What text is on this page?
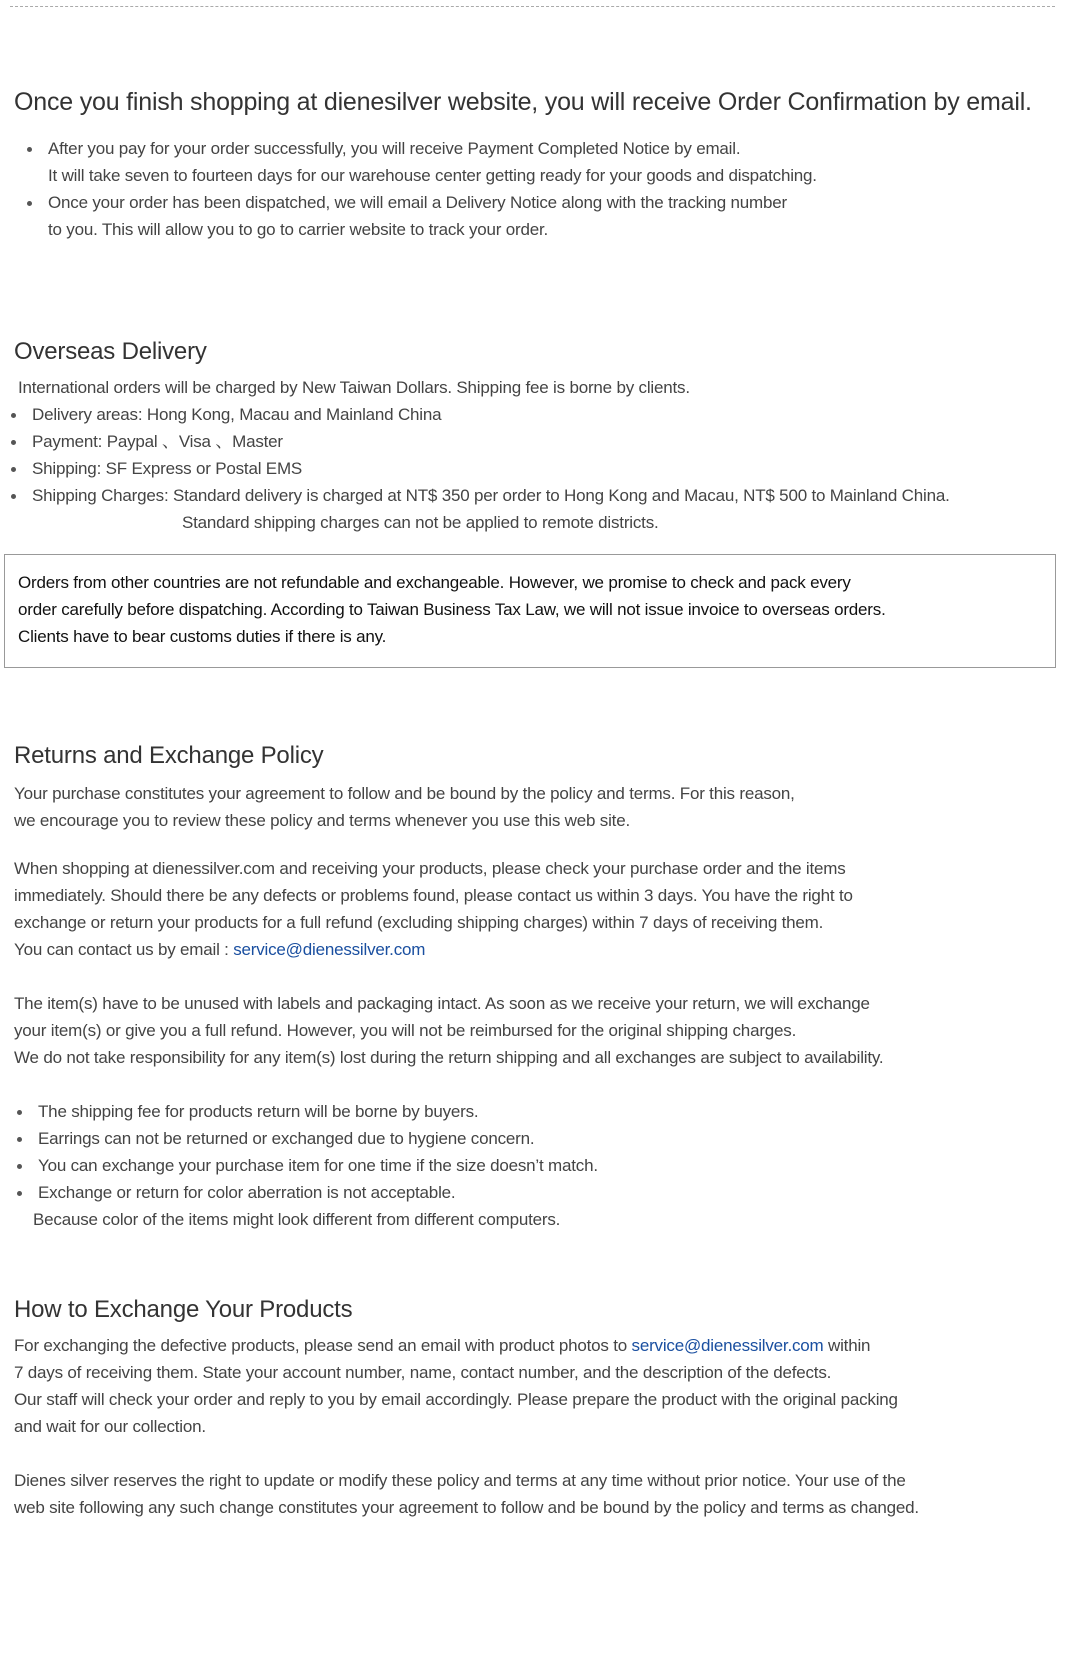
Once you finish shopping at dienesilver website, you will receive Order Confirmation by email.
After you pay for your order successfully, you will receive Payment Completed Notice by email.
It will take seven to fourteen days for our warehouse center getting ready for your goods and dispatching.
Once your order has been dispatched, we will email a Delivery Notice along with the tracking number
to you. This will allow you to go to carrier website to track your order.
Overseas Delivery
International orders will be charged by New Taiwan Dollars. Shipping fee is borne by clients.
Delivery areas: Hong Kong, Macau and Mainland China
Payment: Paypal 、Visa 、Master
Shipping: SF Express or Postal EMS
Shipping Charges: Standard delivery is charged at NT$ 350 per order to Hong Kong and Macau, NT$ 500 to Mainland China.
Standard shipping charges can not be applied to remote districts.
Orders from other countries are not refundable and exchangeable. However, we promise to check and pack every
order carefully before dispatching. According to Taiwan Business Tax Law, we will not issue invoice to overseas orders.
Clients have to bear customs duties if there is any.
Returns and Exchange Policy
Your purchase constitutes your agreement to follow and be bound by the policy and terms. For this reason,
we encourage you to review these policy and terms whenever you use this web site.
When shopping at dienessilver.com and receiving your products, please check your purchase order and the items
immediately. Should there be any defects or problems found, please contact us within 3 days. You have the right to
exchange or return your products for a full refund (excluding shipping charges) within 7 days of receiving them.
You can contact us by email : service@dienessilver.com
The item(s) have to be unused with labels and packaging intact. As soon as we receive your return, we will exchange
your item(s) or give you a full refund. However, you will not be reimbursed for the original shipping charges.
We do not take responsibility for any item(s) lost during the return shipping and all exchanges are subject to availability.
The shipping fee for products return will be borne by buyers.
Earrings can not be returned or exchanged due to hygiene concern.
You can exchange your purchase item for one time if the size doesn’t match.
Exchange or return for color aberration is not acceptable.
Because color of the items might look different from different computers.
How to Exchange Your Products
For exchanging the defective products, please send an email with product photos to service@dienessilver.com within
7 days of receiving them. State your account number, name, contact number, and the description of the defects.
Our staff will check your order and reply to you by email accordingly. Please prepare the product with the original packing
and wait for our collection.
Dienes silver reserves the right to update or modify these policy and terms at any time without prior notice. Your use of the
web site following any such change constitutes your agreement to follow and be bound by the policy and terms as changed.
